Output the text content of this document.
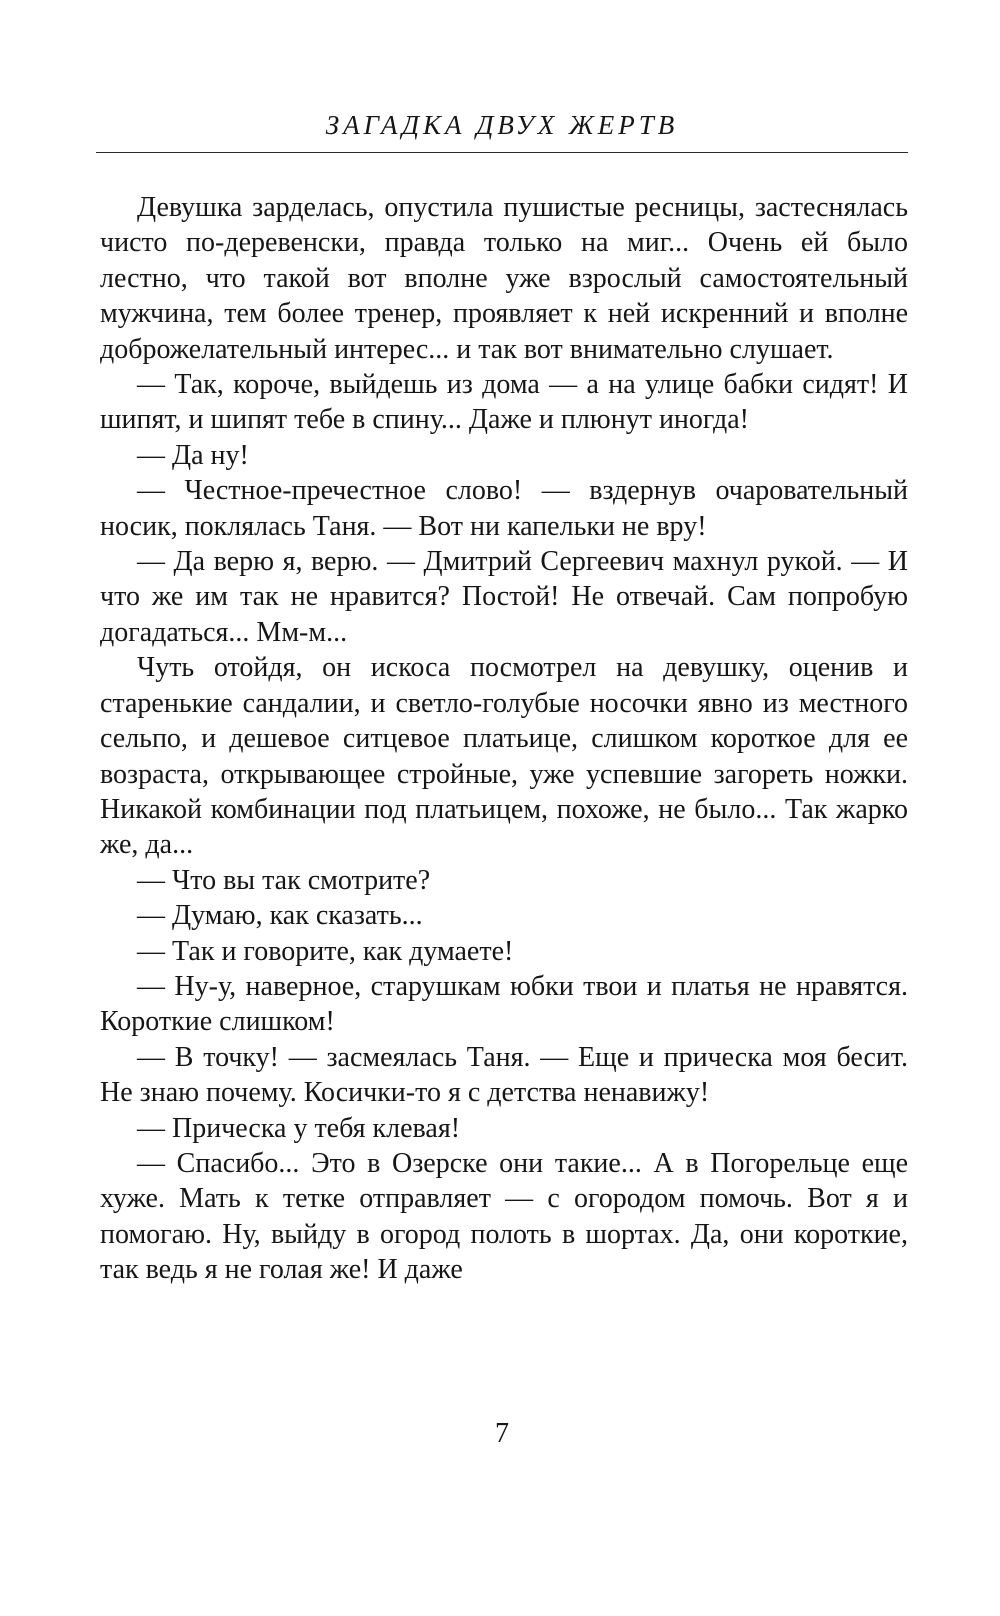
ЗАГАДКА ДВУХ ЖЕРТВ

Девушка зарделась, опустила пушистые ресницы, застеснялась чисто по-деревенски, правда только на миг... Очень ей было лестно, что такой вот вполне уже взрослый самостоятельный мужчина, тем более тренер, проявляет к ней искренний и вполне доброжелательный интерес... и так вот внимательно слушает.

— Так, короче, выйдешь из дома — а на улице бабки сидят! И шипят, и шипят тебе в спину... Даже и плюнут иногда!

— Да ну!

— Честное-пречестное слово! — вздернув очаровательный носик, поклялась Таня. — Вот ни капельки не вру!

— Да верю я, верю. — Дмитрий Сергеевич махнул рукой. — И что же им так не нравится? Постой! Не отвечай. Сам попробую догадаться... Мм-м...

Чуть отойдя, он искоса посмотрел на девушку, оценив и старенькие сандалии, и светло-голубые носочки явно из местного сельпо, и дешевое ситцевое платьице, слишком короткое для ее возраста, открывающее стройные, уже успевшие загореть ножки. Никакой комбинации под платьицем, похоже, не было... Так жарко же, да...

— Что вы так смотрите?

— Думаю, как сказать...

— Так и говорите, как думаете!

— Ну-у, наверное, старушкам юбки твои и платья не нравятся. Короткие слишком!

— В точку! — засмеялась Таня. — Еще и прическа моя бесит. Не знаю почему. Косички-то я с детства ненавижу!

— Прическа у тебя клевая!

— Спасибо... Это в Озерске они такие... А в Погорельце еще хуже. Мать к тетке отправляет — с огородом помочь. Вот я и помогаю. Ну, выйду в огород полоть в шортах. Да, они короткие, так ведь я не голая же! И даже

7
